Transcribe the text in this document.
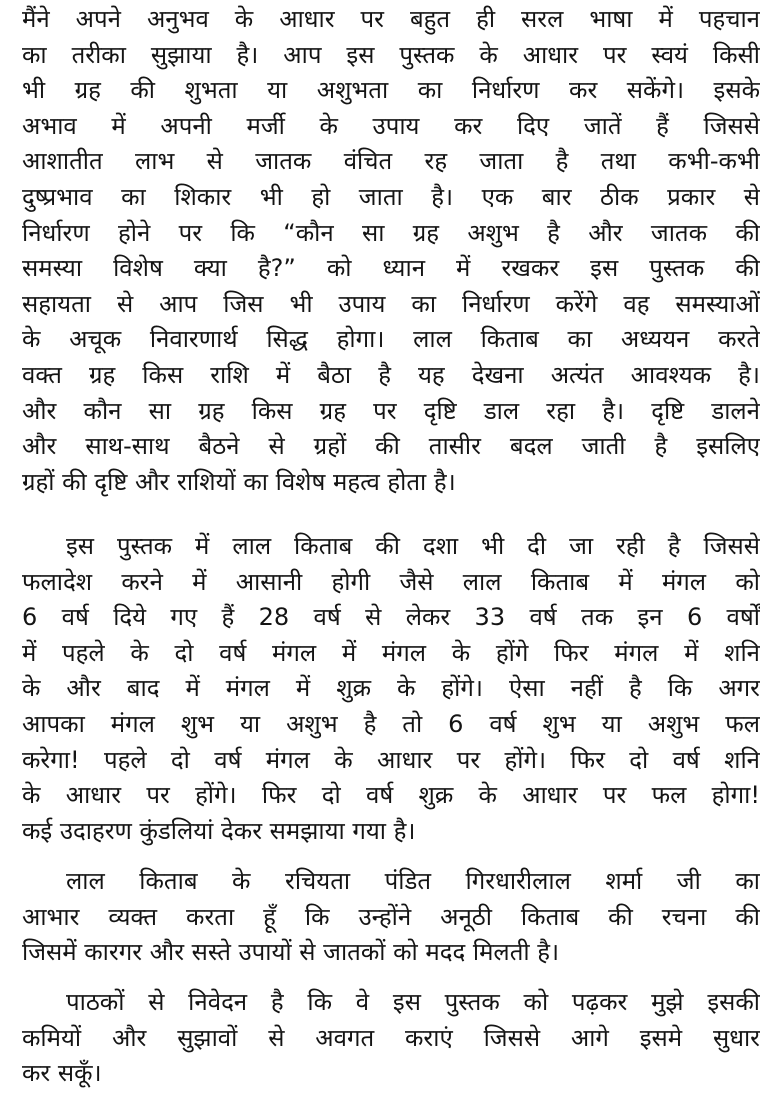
मैंने अपने अनुभव के आधार पर बहुत ही सरल भाषा में पहचान
का तरीका सुझाया है। आप इस पुस्तक के आधार पर स्वयं किसी
भी ग्रह की शुभता या अशुभता का निर्धारण कर सकेंगे। इसके
अभाव में अपनी मर्जी के उपाय कर दिए जातें हैं जिससे
आशातीत लाभ से जातक वंचित रह जाता है तथा कभी-कभी
दुष्प्रभाव का शिकार भी हो जाता है। एक बार ठीक प्रकार से
निर्धारण होने पर कि “कौन सा ग्रह अशुभ है और जातक की
समस्या विशेष क्या है?” को ध्यान में रखकर इस पुस्तक की
सहायता से आप जिस भी उपाय का निर्धारण करेंगे वह समस्याओं
के अचूक निवारणार्थ सिद्ध होगा। लाल किताब का अध्ययन करते
वक्त ग्रह किस राशि में बैठा है यह देखना अत्यंत आवश्यक है।
और कौन सा ग्रह किस ग्रह पर दृष्टि डाल रहा है। दृष्टि डालने
और साथ-साथ बैठने से ग्रहों की तासीर बदल जाती है इसलिए
ग्रहों की दृष्टि और राशियों का विशेष महत्व होता है।
इस पुस्तक में लाल किताब की दशा भी दी जा रही है जिससे
फलादेश करने में आसानी होगी जैसे लाल किताब में मंगल को
6 वर्ष दिये गए हैं 28 वर्ष से लेकर 33 वर्ष तक इन 6 वर्षों
में पहले के दो वर्ष मंगल में मंगल के होंगे फिर मंगल में शनि
के और बाद में मंगल में शुक्र के होंगे। ऐसा नहीं है कि अगर
आपका मंगल शुभ या अशुभ है तो 6 वर्ष शुभ या अशुभ फल
करेगा! पहले दो वर्ष मंगल के आधार पर होंगे। फिर दो वर्ष शनि
के आधार पर होंगे। फिर दो वर्ष शुक्र के आधार पर फल होगा!
कई उदाहरण कुंडलियां देकर समझाया गया है।
लाल किताब के रचियता पंडित गिरधारीलाल शर्मा जी का
आभार व्यक्त करता हूँ कि उन्होंने अनूठी किताब की रचना की
जिसमें कारगर और सस्ते उपायों से जातकों को मदद मिलती है।
पाठकों से निवेदन है कि वे इस पुस्तक को पढ़कर मुझे इसकी
कमियों और सुझावों से अवगत कराएं जिससे आगे इसमे सुधार
कर सकूँ।
